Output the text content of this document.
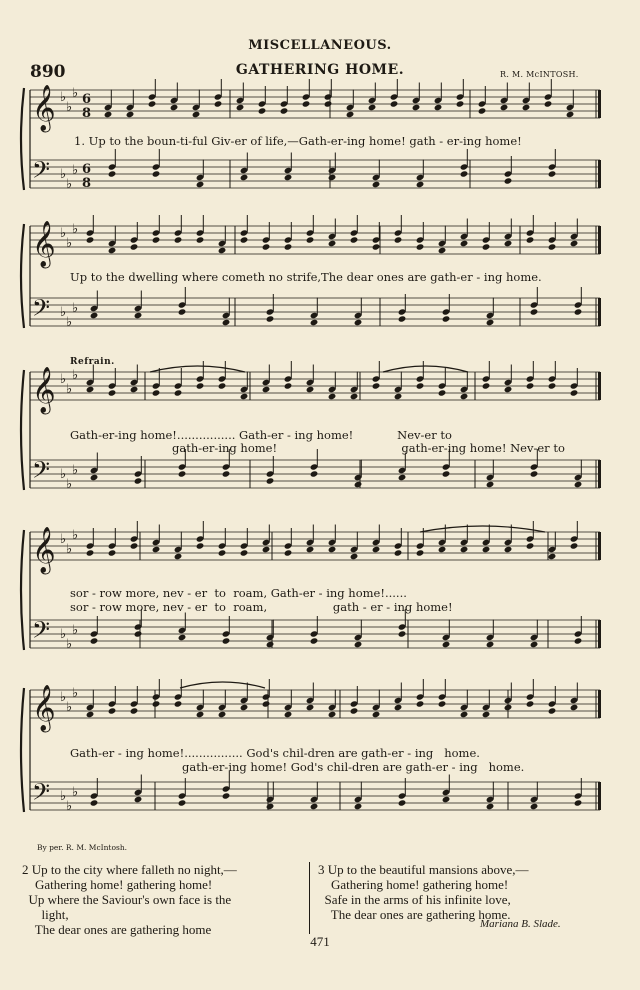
MISCELLANEOUS.
890	GATHERING HOME.	R. M. McINTOSH.
𝄞
𝄢
♭
♭
♭
♭
♭
♭
6
8
6
8
𝄞
𝄢
♭
♭
♭
♭
♭
♭
𝄞
𝄢
♭
♭
♭
♭
♭
♭
𝄞
𝄢
♭
♭
♭
♭
♭
♭
𝄞
𝄢
♭
♭
♭
♭
♭
♭
1. Up to the boun-ti-ful Giv-er of life,—Gath-er-ing home! gath - er-ing home!
Up to the dwelling where cometh no strife,The dear ones are gath-er - ing home.
Refrain.
Gath-er-ing home!................ Gath-er - ing home!            Nev-er to
gath-er-ing home!                                  gath-er-ing home! Nev-er to
sor - row more, nev - er  to  roam, Gath-er - ing home!......
sor - row more, nev - er  to  roam,                  gath - er - ing home!
Gath-er - ing home!................ God's chil-dren are gath-er - ing   home.
gath-er-ing home! God's chil-dren are gath-er - ing   home.
By per. R. M. McIntosh.
2 Up to the city where falleth no night,—
Gathering home! gathering home!
Up where the Saviour's own face is the
light,
The dear ones are gathering home
3 Up to the beautiful mansions above,—
Gathering home! gathering home!
Safe in the arms of his infinite love,
The dear ones are gathering home.
Mariana B. Slade.
471
